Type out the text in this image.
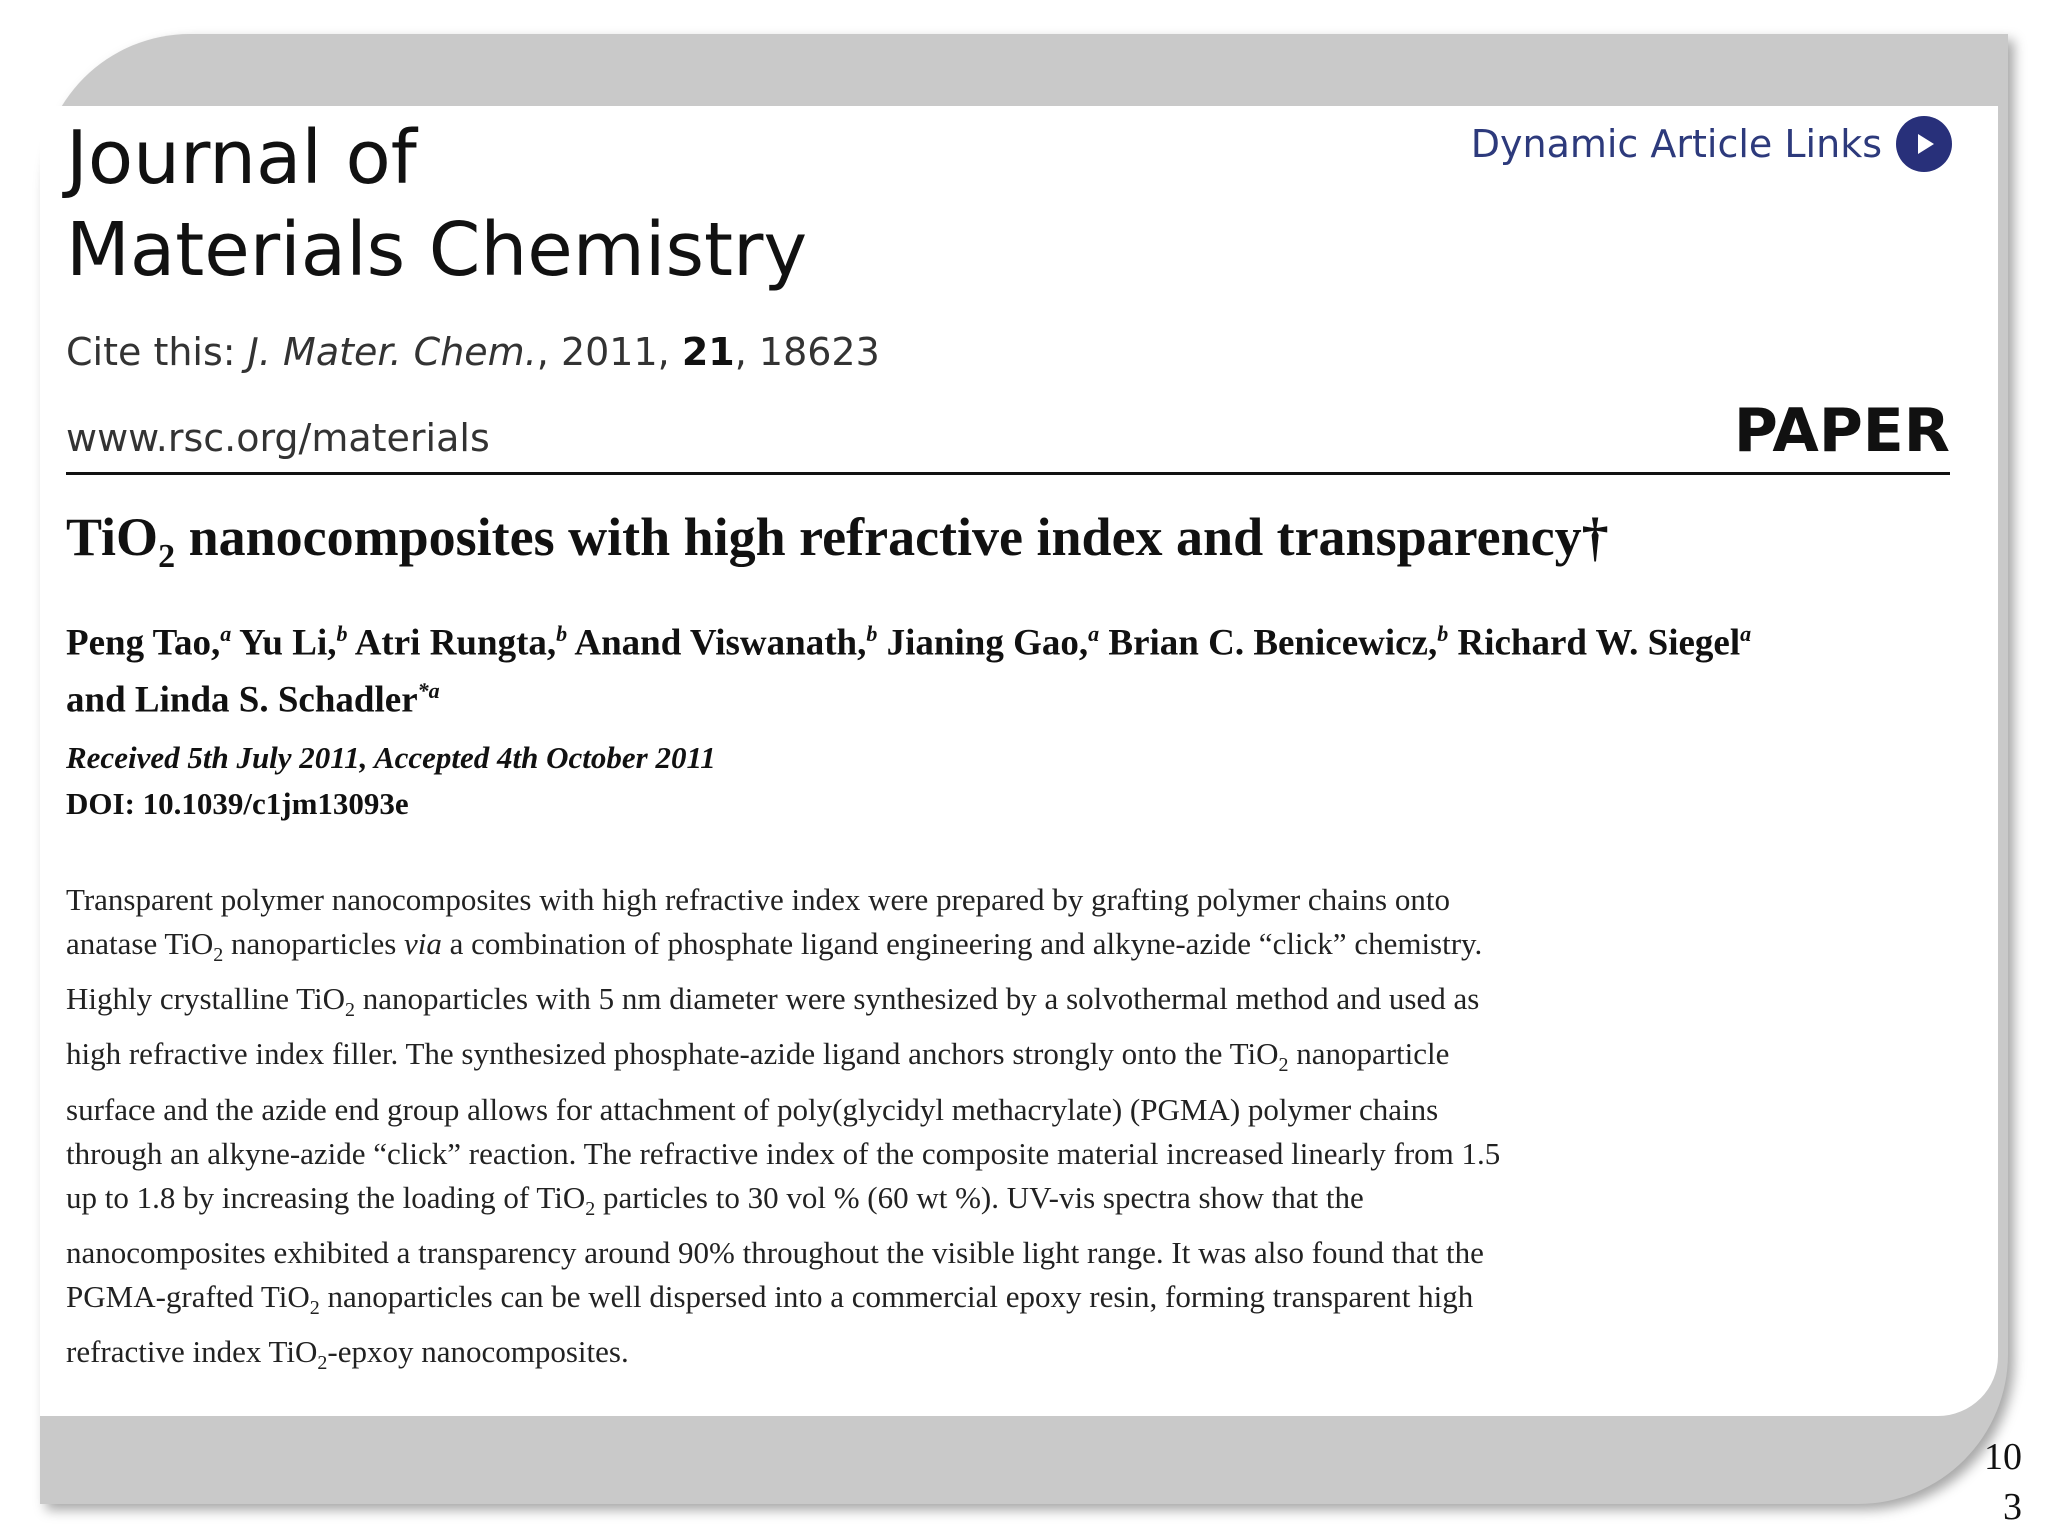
Journal of
Materials Chemistry
Dynamic Article Links
Cite this: J. Mater. Chem., 2011, 21, 18623
www.rsc.org/materials	PAPER
TiO$_2$ nanocomposites with high refractive index and transparency†

Peng Tao,$^a$ Yu Li,$^b$ Atri Rungta,$^b$ Anand Viswanath,$^b$ Jianing Gao,$^a$ Brian C. Benicewicz,$^b$ Richard W. Siegel$^a$
and Linda S. Schadler$^{*a}$

Received 5th July 2011, Accepted 4th October 2011
DOI: 10.1039/c1jm13093e

Transparent polymer nanocomposites with high refractive index were prepared by grafting polymer chains onto anatase TiO$_2$ nanoparticles via a combination of phosphate ligand engineering and alkyne-azide “click” chemistry. Highly crystalline TiO$_2$ nanoparticles with 5 nm diameter were synthesized by a solvothermal method and used as high refractive index filler. The synthesized phosphate-azide ligand anchors strongly onto the TiO$_2$ nanoparticle surface and the azide end group allows for attachment of poly(glycidyl methacrylate) (PGMA) polymer chains through an alkyne-azide “click” reaction. The refractive index of the composite material increased linearly from 1.5 up to 1.8 by increasing the loading of TiO$_2$ particles to 30 vol % (60 wt %). UV-vis spectra show that the nanocomposites exhibited a transparency around 90% throughout the visible light range. It was also found that the PGMA-grafted TiO$_2$ nanoparticles can be well dispersed into a commercial epoxy resin, forming transparent high refractive index TiO$_2$-epxoy nanocomposites.

10
3
